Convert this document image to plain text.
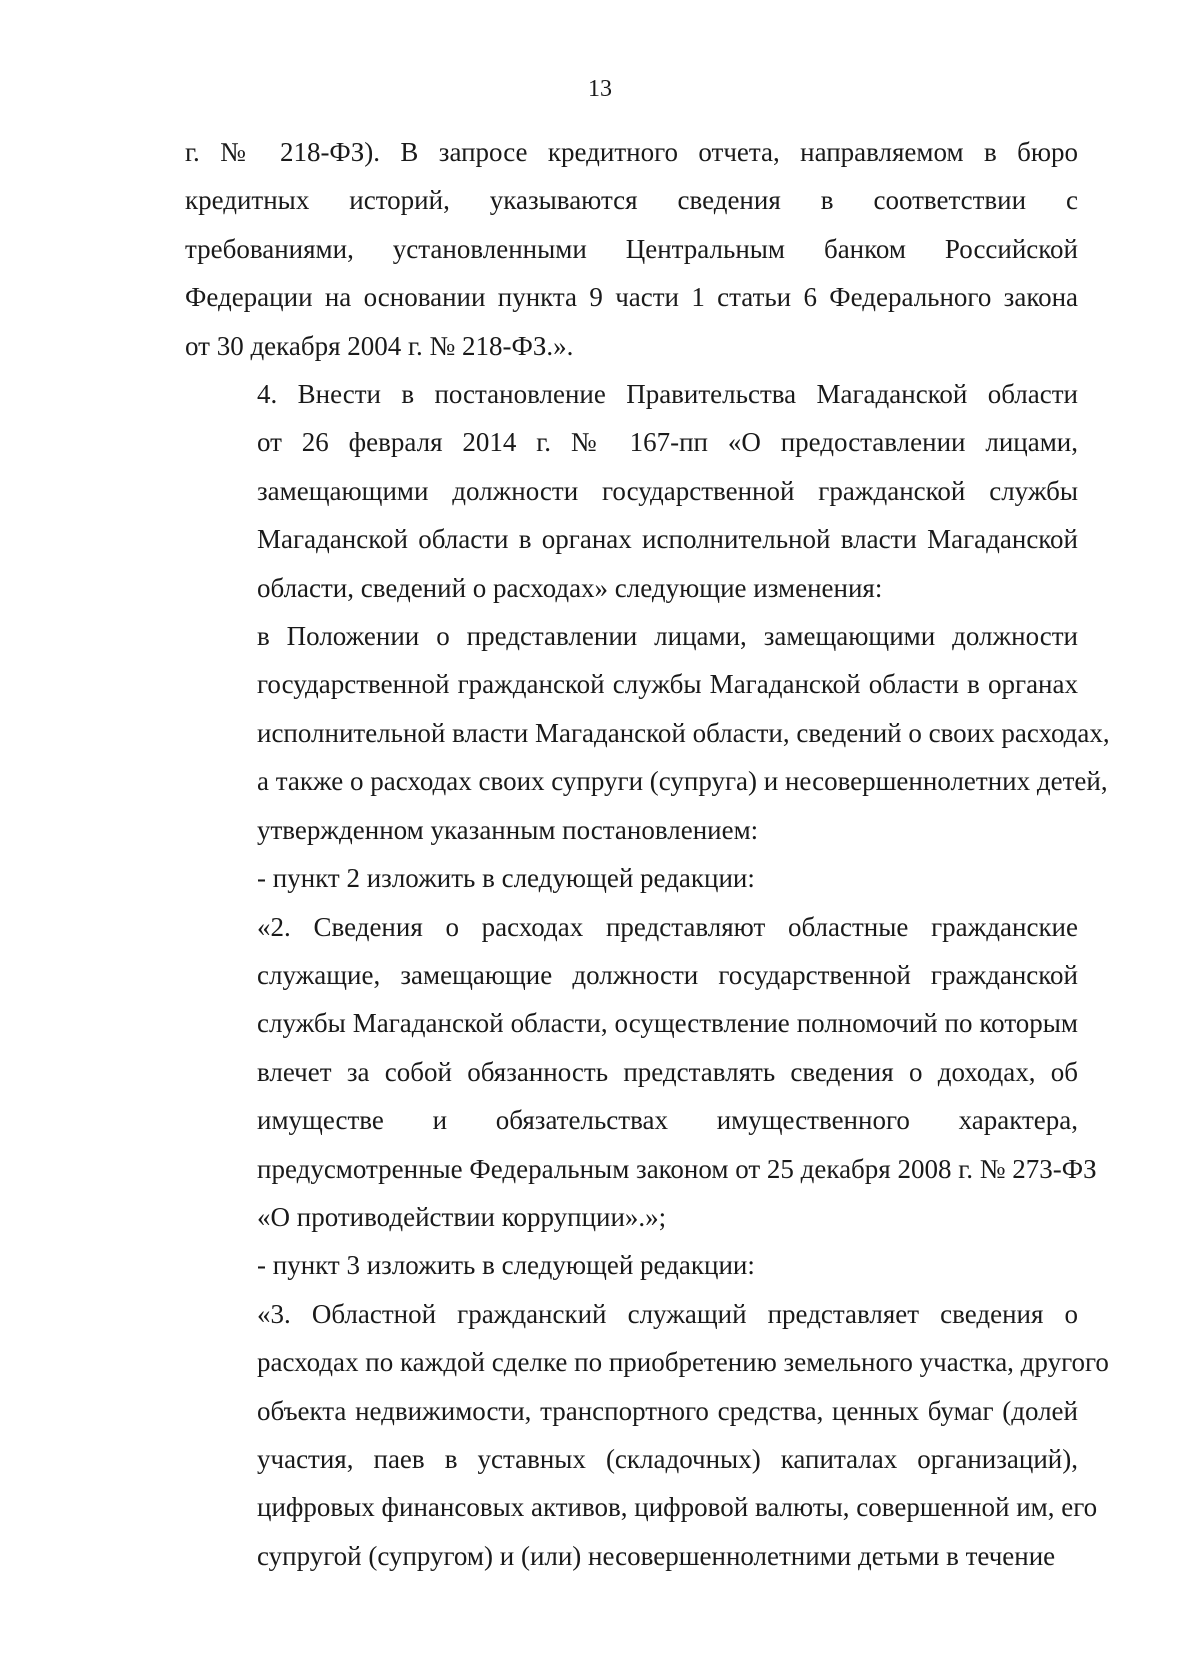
13

г. № 218-ФЗ). В запросе кредитного отчета, направляемом в бюро
кредитных историй, указываются сведения в соответствии с
требованиями, установленными Центральным банком Российской
Федерации на основании пункта 9 части 1 статьи 6 Федерального закона
от 30 декабря 2004 г. № 218-ФЗ.».

4. Внести в постановление Правительства Магаданской области
от 26 февраля 2014 г. № 167-пп «О предоставлении лицами,
замещающими должности государственной гражданской службы
Магаданской области в органах исполнительной власти Магаданской
области, сведений о расходах» следующие изменения:

в Положении о представлении лицами, замещающими должности
государственной гражданской службы Магаданской области в органах
исполнительной власти Магаданской области, сведений о своих расходах,
а также о расходах своих супруги (супруга) и несовершеннолетних детей,
утвержденном указанным постановлением:

- пункт 2 изложить в следующей редакции:

«2. Сведения о расходах представляют областные гражданские
служащие, замещающие должности государственной гражданской
службы Магаданской области, осуществление полномочий по которым
влечет за собой обязанность представлять сведения о доходах, об
имуществе и обязательствах имущественного характера,
предусмотренные Федеральным законом от 25 декабря 2008 г. № 273-ФЗ
«О противодействии коррупции».»;

- пункт 3 изложить в следующей редакции:

«3. Областной гражданский служащий представляет сведения о
расходах по каждой сделке по приобретению земельного участка, другого
объекта недвижимости, транспортного средства, ценных бумаг (долей
участия, паев в уставных (складочных) капиталах организаций),
цифровых финансовых активов, цифровой валюты, совершенной им, его
супругой (супругом) и (или) несовершеннолетними детьми в течение
